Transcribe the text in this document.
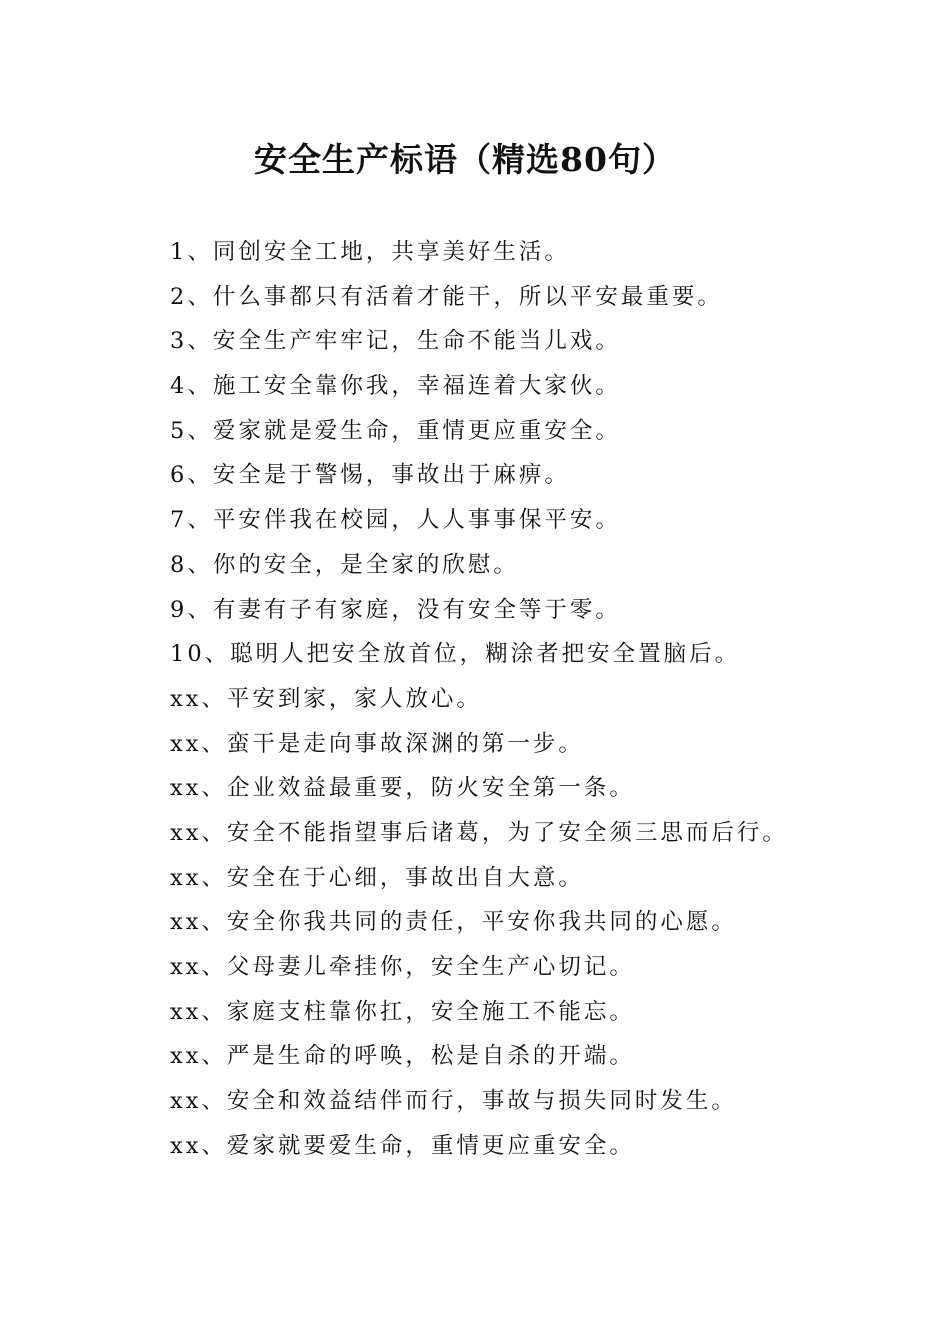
安全生产标语（精选80句）
1、同创安全工地，共享美好生活。
2、什么事都只有活着才能干，所以平安最重要。
3、安全生产牢牢记，生命不能当儿戏。
4、施工安全靠你我，幸福连着大家伙。
5、爱家就是爱生命，重情更应重安全。
6、安全是于警惕，事故出于麻痹。
7、平安伴我在校园，人人事事保平安。
8、你的安全，是全家的欣慰。
9、有妻有子有家庭，没有安全等于零。
10、聪明人把安全放首位，糊涂者把安全置脑后。
xx、平安到家，家人放心。
xx、蛮干是走向事故深渊的第一步。
xx、企业效益最重要，防火安全第一条。
xx、安全不能指望事后诸葛，为了安全须三思而后行。
xx、安全在于心细，事故出自大意。
xx、安全你我共同的责任，平安你我共同的心愿。
xx、父母妻儿牵挂你，安全生产心切记。
xx、家庭支柱靠你扛，安全施工不能忘。
xx、严是生命的呼唤，松是自杀的开端。
xx、安全和效益结伴而行，事故与损失同时发生。
xx、爱家就要爱生命，重情更应重安全。
